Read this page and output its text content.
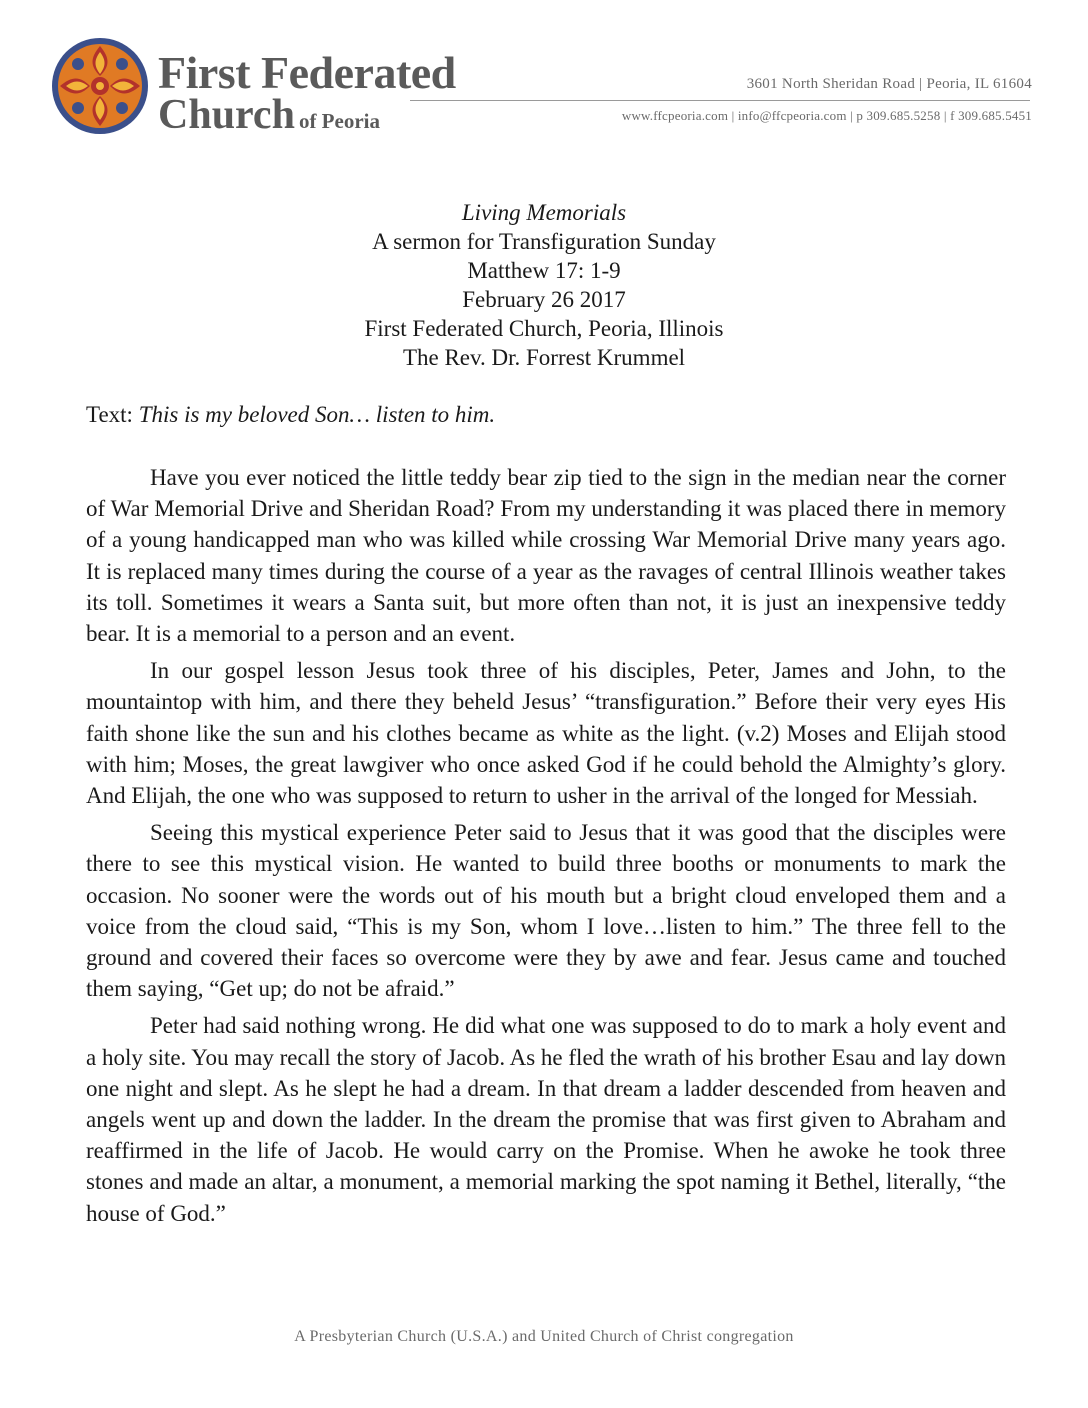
First Federated
Church of Peoria
3601 North Sheridan Road | Peoria, IL 61604
www.ffcpeoria.com | info@ffcpeoria.com | p 309.685.5258 | f 309.685.5451
Living Memorials
A sermon for Transfiguration Sunday
Matthew 17: 1-9
February 26 2017
First Federated Church, Peoria, Illinois
The Rev. Dr. Forrest Krummel
Text: This is my beloved Son… listen to him.

Have you ever noticed the little teddy bear zip tied to the sign in the median near the corner of War Memorial Drive and Sheridan Road? From my understanding it was placed there in memory of a young handicapped man who was killed while crossing War Memorial Drive many years ago. It is replaced many times during the course of a year as the ravages of central Illinois weather takes its toll. Sometimes it wears a Santa suit, but more often than not, it is just an inexpensive teddy bear. It is a memorial to a person and an event.

In our gospel lesson Jesus took three of his disciples, Peter, James and John, to the mountaintop with him, and there they beheld Jesus’ “transfiguration.” Before their very eyes His faith shone like the sun and his clothes became as white as the light. (v.2) Moses and Elijah stood with him; Moses, the great lawgiver who once asked God if he could behold the Almighty’s glory. And Elijah, the one who was supposed to return to usher in the arrival of the longed for Messiah.

Seeing this mystical experience Peter said to Jesus that it was good that the disciples were there to see this mystical vision. He wanted to build three booths or monuments to mark the occasion. No sooner were the words out of his mouth but a bright cloud enveloped them and a voice from the cloud said, “This is my Son, whom I love…listen to him.” The three fell to the ground and covered their faces so overcome were they by awe and fear. Jesus came and touched them saying, “Get up; do not be afraid.”

Peter had said nothing wrong. He did what one was supposed to do to mark a holy event and a holy site. You may recall the story of Jacob. As he fled the wrath of his brother Esau and lay down one night and slept. As he slept he had a dream. In that dream a ladder descended from heaven and angels went up and down the ladder. In the dream the promise that was first given to Abraham and reaffirmed in the life of Jacob. He would carry on the Promise. When he awoke he took three stones and made an altar, a monument, a memorial marking the spot naming it Bethel, literally, “the house of God.”

A Presbyterian Church (U.S.A.) and United Church of Christ congregation
